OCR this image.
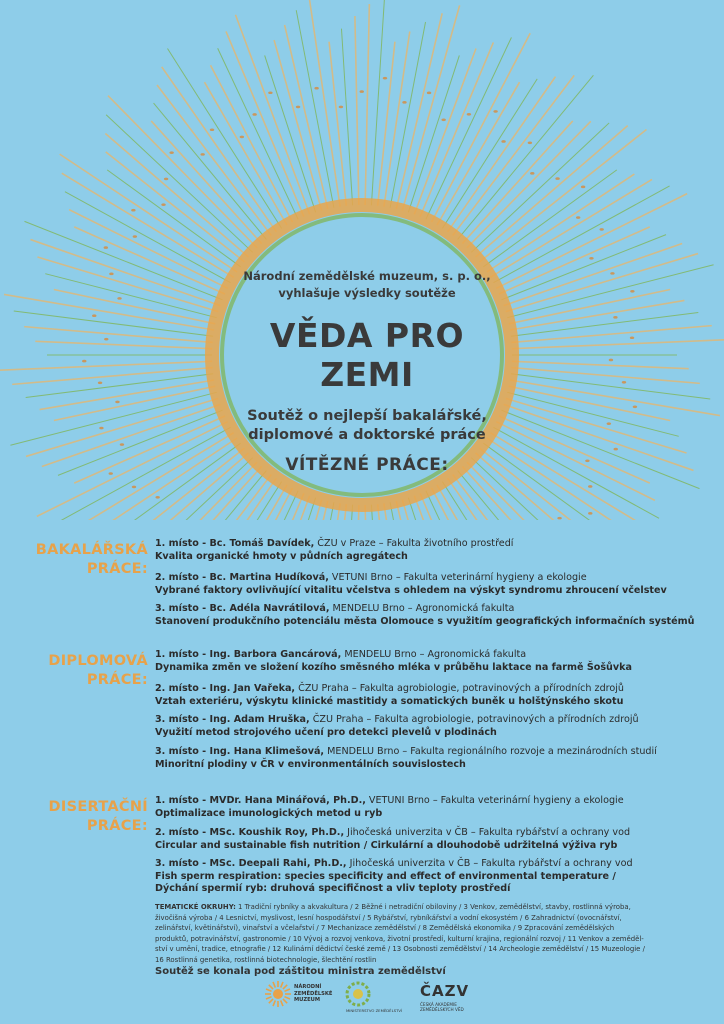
Národní zemědělské muzeum, s. p. o.,
vyhlašuje výsledky soutěže
VĚDA PRO ZEMI
Soutěž o nejlepší bakalářské,
diplomové a doktorské práce
VÍTĚZNÉ PRÁCE:
BAKALÁŘSKÁ
PRÁCE:
1. místo - Bc. Tomáš Davídek, ČZU v Praze – Fakulta životního prostředí
Kvalita organické hmoty v půdních agregátech
2. místo - Bc. Martina Hudíková, VETUNI Brno – Fakulta veterinární hygieny a ekologie
Vybrané faktory ovlivňující vitalitu včelstva s ohledem na výskyt syndromu zhroucení včelstev
3. místo - Bc. Adéla Navrátilová, MENDELU Brno – Agronomická fakulta
Stanovení produkčního potenciálu města Olomouce s využitím geografických informačních systémů
DIPLOMOVÁ
PRÁCE:
1. místo - Ing. Barbora Gancárová, MENDELU Brno – Agronomická fakulta
Dynamika změn ve složení kozího směsného mléka v průběhu laktace na farmě Šošůvka
2. místo - Ing. Jan Vařeka, ČZU Praha – Fakulta agrobiologie, potravinových a přírodních zdrojů
Vztah exteriéru, výskytu klinické mastitidy a somatických buněk u holštýnského skotu
3. místo - Ing. Adam Hruška, ČZU Praha – Fakulta agrobiologie, potravinových a přírodních zdrojů
Využití metod strojového učení pro detekci plevelů v plodinách
3. místo - Ing. Hana Klimešová, MENDELU Brno – Fakulta regionálního rozvoje a mezinárodních studií
Minoritní plodiny v ČR v environmentálních souvislostech
DISERTAČNÍ
PRÁCE:
1. místo - MVDr. Hana Minářová, Ph.D., VETUNI Brno – Fakulta veterinární hygieny a ekologie
Optimalizace imunologických metod u ryb
2. místo - MSc. Koushik Roy, Ph.D., Jihočeská univerzita v ČB – Fakulta rybářství a ochrany vod
Circular and sustainable fish nutrition / Cirkulární a dlouhodobě udržitelná výživa ryb
3. místo - MSc. Deepali Rahi, Ph.D., Jihočeská univerzita v ČB – Fakulta rybářství a ochrany vod
Fish sperm respiration: species specificity and effect of environmental temperature /
Dýchání spermií ryb: druhová specifičnost a vliv teploty prostředí
TEMATICKÉ OKRUHY: 1 Tradiční rybníky a akvakultura / 2 Běžné i netradiční obiloviny / 3 Venkov, zemědělství, stavby, rostlinná výroba,
živočišná výroba / 4 Lesnictví, myslivost, lesní hospodářství / 5 Rybářství, rybníkářství a vodní ekosystém / 6 Zahradnictví (ovocnářství,
zelinářství, květinářství), vinařství a včelařství / 7 Mechanizace zemědělství / 8 Zemědělská ekonomika / 9 Zpracování zemědělských
produktů, potravinářství, gastronomie / 10 Vývoj a rozvoj venkova, životní prostředí, kulturní krajina, regionální rozvoj / 11 Venkov a zeměděl-
ství v umění, tradice, etnografie / 12 Kulinární dědictví české země / 13 Osobnosti zemědělství / 14 Archeologie zemědělství / 15 Muzeologie /
16 Rostlinná genetika, rostlinná biotechnologie, šlechtění rostlin
Soutěž se konala pod záštitou ministra zemědělství
NÁRODNÍ
ZEMĚDĚLSKÉ
MUZEUM
MINISTERSTVO ZEMĚDĚLSTVÍ
ČAZV
ČESKÁ AKADEMIE
ZEMĚDĚLSKÝCH VĚD
